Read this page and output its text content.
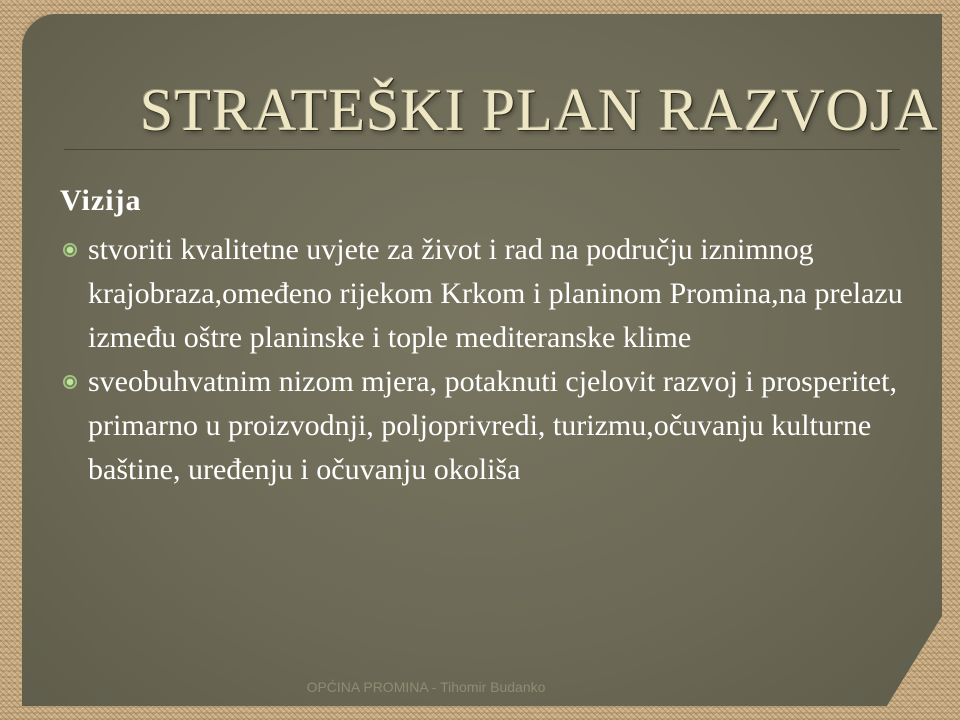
STRATEŠKI PLAN RAZVOJA
Vizija
stvoriti kvalitetne uvjete za život i rad na području iznimnog krajobraza,omeđeno rijekom Krkom i planinom Promina,na prelazu između oštre planinske i tople mediteranske klime
sveobuhvatnim nizom mjera, potaknuti cjelovit razvoj i prosperitet, primarno u proizvodnji, poljoprivredi, turizmu,očuvanju kulturne baštine, uređenju i očuvanju okoliša
OPĆINA PROMINA - Tihomir Budanko
